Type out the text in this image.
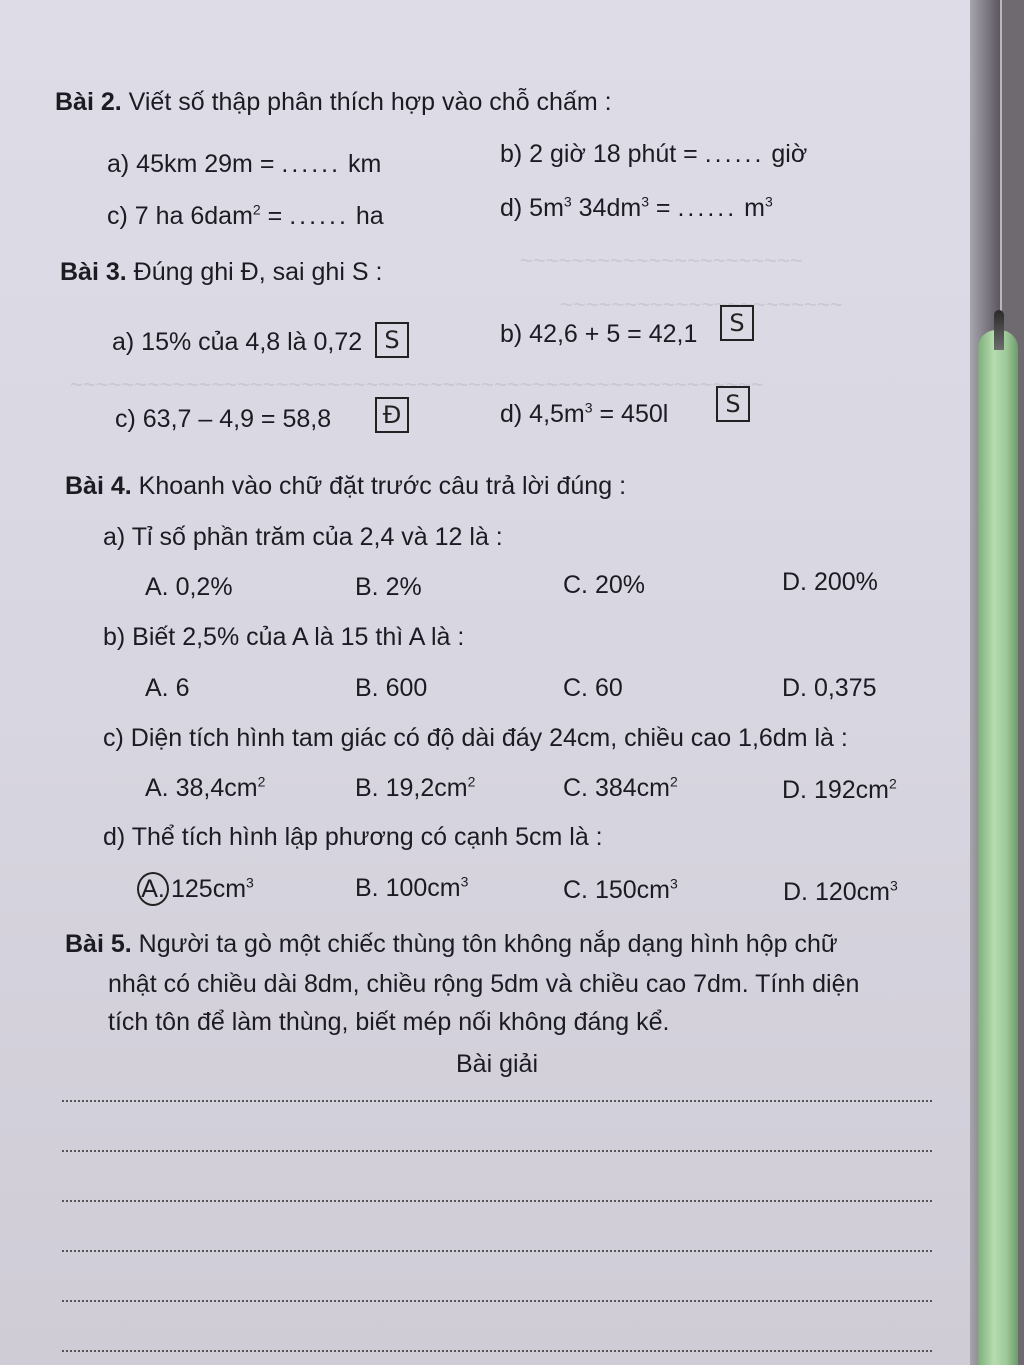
~~~~~~~~~~~~~~~~~~~~~~
~~~~~~~~~~~~~~~~~~~~~~
~~~~~~~~~~~~~~~~~~~~~~~~~~~~~~~~~~~~~~~~~~~~~~~~~~~~~~
Bài 2. Viết số thập phân thích hợp vào chỗ chấm :
a) 45km 29m = ...... km	b) 2 giờ 18 phút = ...... giờ
c) 7 ha 6dam$^2$ = ...... ha	d) $5m^3$ $34dm^3$ = ...... $m^3$
Bài 3. Đúng ghi Đ, sai ghi S :
a) 15% của 4,8 là 0,72 S	b) 42,6 + 5 = 42,1	S
c) 63,7 – 4,9 = 58,8	Đ	d) $4,5m^3 = 450l$	S
Bài 4. Khoanh vào chữ đặt trước câu trả lời đúng :
a) Tỉ số phần trăm của 2,4 và 12 là :
A. 0,2%	B. 2%	C. 20%	D. 200%
b) Biết 2,5% của A là 15 thì A là :
A. 6	B. 600	C. 60	D. 0,375
c) Diện tích hình tam giác có độ dài đáy 24cm, chiều cao 1,6dm là :
A. $38,4cm^2$	B. $19,2cm^2$	C. $384cm^2$	D. $192cm^2$
d) Thể tích hình lập phương có cạnh 5cm là :
A. $125cm^3$	B. $100cm^3$	C. $150cm^3$	D. $120cm^3$
Bài 5. Người ta gò một chiếc thùng tôn không nắp dạng hình hộp chữ
nhật có chiều dài 8dm, chiều rộng 5dm và chiều cao 7dm. Tính diện
tích tôn để làm thùng, biết mép nối không đáng kể.
Bài giải
